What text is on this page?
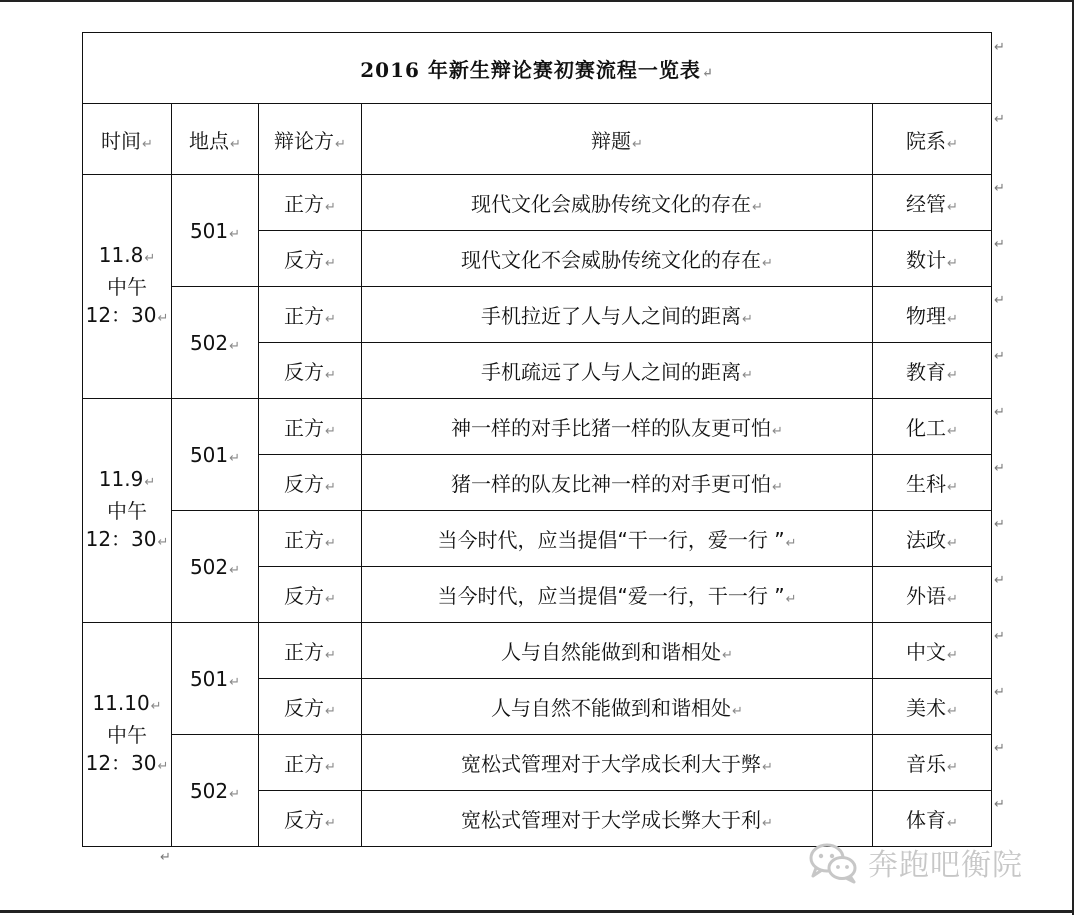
2016 年新生辩论赛初赛流程一览表↵				
时间↵	地点↵	辩论方↵	辩题↵	院系↵
11.8↵
中午
12：30↵	501↵	正方↵	现代文化会威胁传统文化的存在↵	经管↵
		反方↵	现代文化不会威胁传统文化的存在↵	数计↵
	502↵	正方↵	手机拉近了人与人之间的距离↵	物理↵
		反方↵	手机疏远了人与人之间的距离↵	教育↵
11.9↵
中午
12：30↵	501↵	正方↵	神一样的对手比猪一样的队友更可怕↵	化工↵
		反方↵	猪一样的队友比神一样的对手更可怕↵	生科↵
	502↵	正方↵	当今时代，应当提倡“干一行，爱一行 ”↵	法政↵
		反方↵	当今时代，应当提倡“爱一行，干一行 ”↵	外语↵
11.10↵
中午
12：30↵	501↵	正方↵	人与自然能做到和谐相处↵	中文↵
		反方↵	人与自然不能做到和谐相处↵	美术↵
	502↵	正方↵	宽松式管理对于大学成长利大于弊↵	音乐↵
		反方↵	宽松式管理对于大学成长弊大于利↵	体育↵
↵
↵
↵
↵
↵
↵
↵
↵
↵
↵
↵
↵
↵
↵
↵	奔跑吧衡院
